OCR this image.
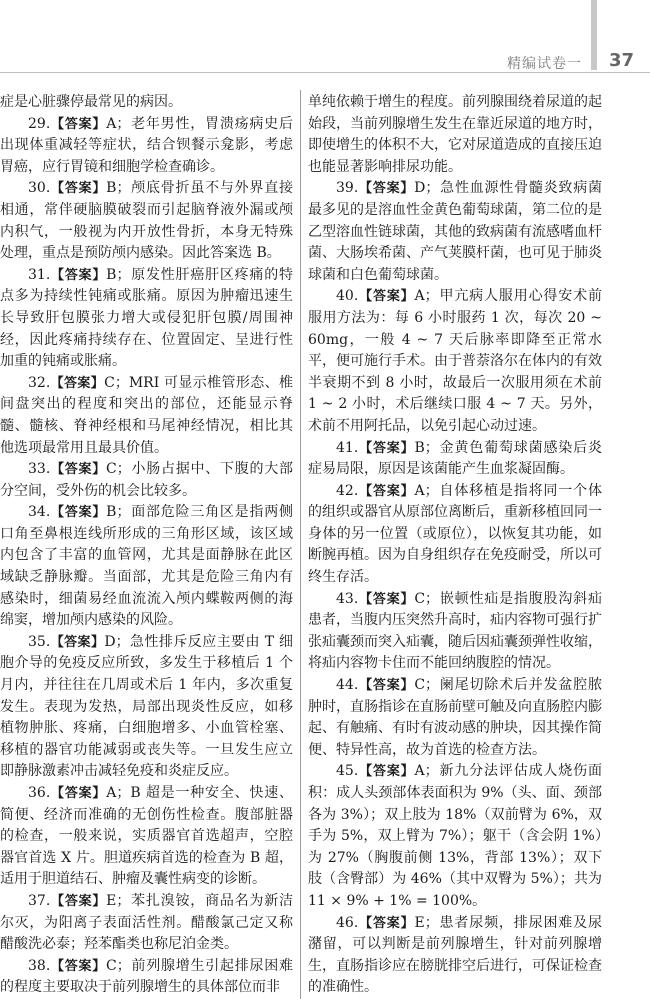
精编试卷一 37

症是心脏骤停最常见的病因。

29.【答案】A；老年男性，胃溃疡病史后出现体重减轻等症状，结合钡餐示龛影，考虑胃癌，应行胃镜和细胞学检查确诊。

30.【答案】B；颅底骨折虽不与外界直接相通，常伴硬脑膜破裂而引起脑脊液外漏或颅内积气，一般视为内开放性骨折，本身无特殊处理，重点是预防颅内感染。因此答案选 B。

31.【答案】B；原发性肝癌肝区疼痛的特点多为持续性钝痛或胀痛。原因为肿瘤迅速生长导致肝包膜张力增大或侵犯肝包膜/周围神经，因此疼痛持续存在、位置固定、呈进行性加重的钝痛或胀痛。

32.【答案】C；MRI 可显示椎管形态、椎间盘突出的程度和突出的部位，还能显示脊髓、髓核、脊神经根和马尾神经情况，相比其他选项最常用且最具价值。

33.【答案】C；小肠占据中、下腹的大部分空间，受外伤的机会比较多。

34.【答案】B；面部危险三角区是指两侧口角至鼻根连线所形成的三角形区域，该区域内包含了丰富的血管网，尤其是面静脉在此区域缺乏静脉瓣。当面部，尤其是危险三角内有感染时，细菌易经血流流入颅内蝶鞍两侧的海绵窦，增加颅内感染的风险。

35.【答案】D；急性排斥反应主要由 T 细胞介导的免疫反应所致，多发生于移植后 1 个月内，并往往在几周或术后 1 年内，多次重复发生。表现为发热，局部出现炎性反应，如移植物肿胀、疼痛，白细胞增多、小血管栓塞、移植的器官功能减弱或丧失等。一旦发生应立即静脉激素冲击减轻免疫和炎症反应。

36.【答案】A；B 超是一种安全、快速、简便、经济而准确的无创伤性检查。腹部脏器的检查，一般来说，实质器官首选超声，空腔器官首选 X 片。胆道疾病首选的检查为 B 超，适用于胆道结石、肿瘤及囊性病变的诊断。

37.【答案】E；苯扎溴铵，商品名为新洁尔灭，为阳离子表面活性剂。醋酸氯己定又称醋酸洗必泰；羟苯酯类也称尼泊金类。

38.【答案】C；前列腺增生引起排尿困难的程度主要取决于前列腺增生的具体部位而非

单纯依赖于增生的程度。前列腺围绕着尿道的起始段，当前列腺增生发生在靠近尿道的地方时，即使增生的体积不大，它对尿道造成的直接压迫也能显著影响排尿功能。

39.【答案】D；急性血源性骨髓炎致病菌最多见的是溶血性金黄色葡萄球菌，第二位的是乙型溶血性链球菌，其他的致病菌有流感嗜血杆菌、大肠埃希菌、产气荚膜杆菌，也可见于肺炎球菌和白色葡萄球菌。

40.【答案】A；甲亢病人服用心得安术前服用方法为：每 6 小时服药 1 次，每次 20 ~ 60mg，一般 4 ~ 7 天后脉率即降至正常水平，便可施行手术。由于普萘洛尔在体内的有效半衰期不到 8 小时，故最后一次服用须在术前 1 ~ 2 小时，术后继续口服 4 ~ 7 天。另外，术前不用阿托品，以免引起心动过速。

41.【答案】B；金黄色葡萄球菌感染后炎症易局限，原因是该菌能产生血浆凝固酶。

42.【答案】A；自体移植是指将同一个体的组织或器官从原部位离断后，重新移植回同一身体的另一位置（或原位），以恢复其功能，如断腕再植。因为自身组织存在免疫耐受，所以可终生存活。

43.【答案】C；嵌顿性疝是指腹股沟斜疝患者，当腹内压突然升高时，疝内容物可强行扩张疝囊颈而突入疝囊，随后因疝囊颈弹性收缩，将疝内容物卡住而不能回纳腹腔的情况。

44.【答案】C；阑尾切除术后并发盆腔脓肿时，直肠指诊在直肠前壁可触及向直肠腔内膨起、有触痛、有时有波动感的肿块，因其操作简便、特异性高，故为首选的检查方法。

45.【答案】A；新九分法评估成人烧伤面积：成人头颈部体表面积为 9%（头、面、颈部各为 3%）；双上肢为 18%（双前臂为 6%，双手为 5%，双上臂为 7%）；躯干（含会阴 1%）为 27%（胸腹前侧 13%，背部 13%）；双下肢（含臀部）为 46%（其中双臀为 5%）；共为 11 × 9% + 1% = 100%。

46.【答案】E；患者尿频，排尿困难及尿潴留，可以判断是前列腺增生，针对前列腺增生，直肠指诊应在膀胱排空后进行，可保证检查的准确性。
